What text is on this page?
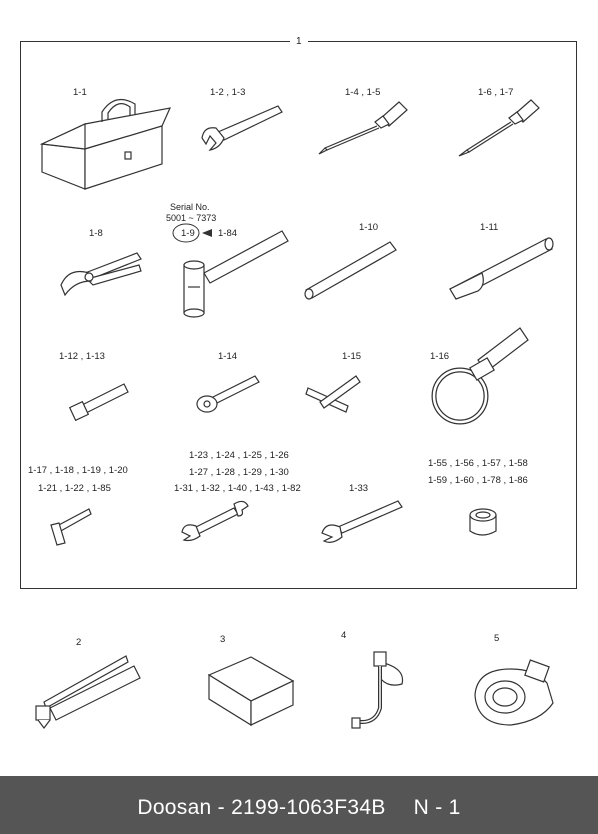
1
1-1	1-2 , 1-3	1-4 , 1-5	1-6 , 1-7
1-8
Serial No.
5001 ~ 7373
1-9 1-84
1-10	1-11
1-12 , 1-13	1-14	1-15	1-16
1-17 , 1-18 , 1-19 , 1-20
1-21 , 1-22 , 1-85
1-23 , 1-24 , 1-25 , 1-26
1-27 , 1-28 , 1-29 , 1-30
1-31 , 1-32 , 1-40 , 1-43 , 1-82	1-33
1-55 , 1-56 , 1-57 , 1-58
1-59 , 1-60 , 1-78 , 1-86
2	3	4	5
Doosan - 2199-1063F34B N - 1
